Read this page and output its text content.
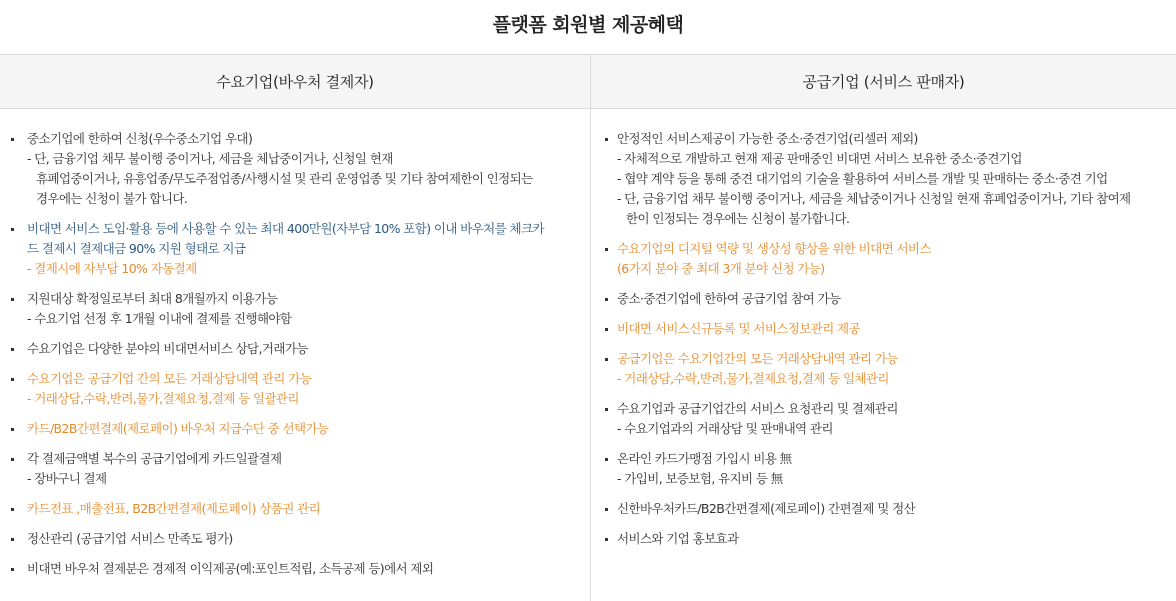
플랫폼 회원별 제공혜택
수요기업(바우처 결제자)
중소기업에 한하여 신청(우수중소기업 우대)
- 단, 금융기업 채무 불이행 중이거나, 세금을 체납중이거나, 신청일 현재
휴폐업중이거나, 유흥업종/무도주점업종/사행시설 및 관리 운영업종 및 기타 참여제한이 인정되는
경우에는 신청이 불가 합니다.
비대면 서비스 도입·활용 등에 사용할 수 있는 최대 400만원(자부담 10% 포함) 이내 바우처를 체크카
드 결제시 결제대금 90% 지원 형태로 지급
- 결제시에 자부담 10% 자동결제
지원대상 확정일로부터 최대 8개월까지 이용가능
- 수요기업 선정 후 1개월 이내에 결제를 진행해야함
수요기업은 다양한 분야의 비대면서비스 상담,거래가능
수요기업은 공급기업 간의 모든 거래상담내역 관리 가능
- 거래상담,수락,반려,물가,결제요청,결제 등 일괄관리
카드/B2B간편결제(제로페이) 바우처 지급수단 중 선택가능
각 결제금액별 복수의 공급기업에게 카드일괄결제
- 장바구니 결제
카드전표 ,매출전표, B2B간편결제(제로페이) 상품권 관리
정산관리 (공급기업 서비스 만족도 평가)
비대면 바우처 결제분은 경제적 이익제공(예:포인트적립, 소득공제 등)에서 제외
공급기업 (서비스 판매자)
안정적인 서비스제공이 가능한 중소·중견기업(리셀러 제외)
- 자체적으로 개발하고 현재 제공 판매중인 비대면 서비스 보유한 중소·중견기업
- 협약 계약 등을 통해 중견 대기업의 기술을 활용하여 서비스를 개발 및 판매하는 중소·중견 기업
- 단, 금융기업 채무 불이행 중이거나, 세금을 체납중이거나 신청일 현재 휴폐업중이거나, 기타 참여제
한이 인정되는 경우에는 신청이 불가합니다.
수요기업의 디지털 역량 및 생상성 향상을 위한 비대면 서비스
(6가지 분야 중 최대 3개 분야 신청 가능)
중소·중견기업에 한하여 공급기업 참여 가능
비대면 서비스신규등록 및 서비스정보관리 제공
공급기업은 수요기업간의 모든 거래상담내역 관리 가능
- 거래상담,수락,반려,물가,결제요청,결제 등 일체관리
수요기업과 공급기업간의 서비스 요청관리 및 결제관리
- 수요기업과의 거래상담 및 판매내역 관리
온라인 카드가맹점 가입시 비용 無
- 가입비, 보증보험, 유지비 등 無
신한바우처카드/B2B간편결제(제로페이) 간편결제 및 정산
서비스와 기업 홍보효과
